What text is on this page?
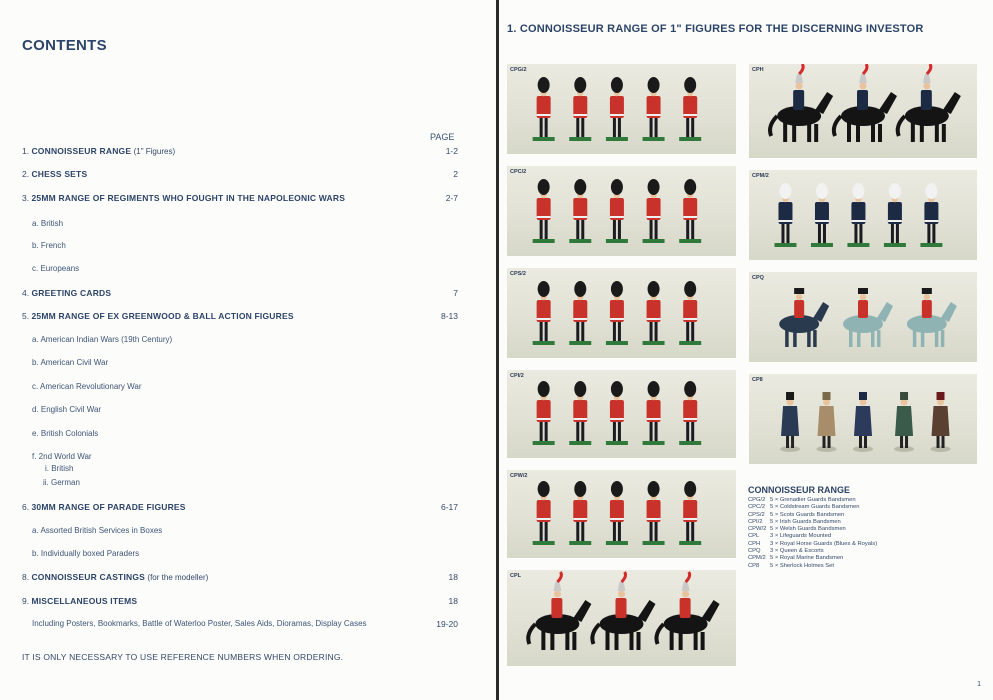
CONTENTS
PAGE
1. CONNOISSEUR RANGE (1" Figures)	1-2
2. CHESS SETS	2
3. 25MM RANGE OF REGIMENTS WHO FOUGHT IN THE NAPOLEONIC WARS	2-7
a. British
b. French
c. Europeans
4. GREETING CARDS	7
5. 25MM RANGE OF EX GREENWOOD & BALL ACTION FIGURES	8-13
a. American Indian Wars (19th Century)
b. American Civil War
c. American Revolutionary War
d. English Civil War
e. British Colonials
f. 2nd World War
i. British
ii. German
6. 30MM RANGE OF PARADE FIGURES	6-17
a. Assorted British Services in Boxes
b. Individually boxed Paraders
8. CONNOISSEUR CASTINGS (for the modeller)	18
9. MISCELLANEOUS ITEMS	18
Including Posters, Bookmarks, Battle of Waterloo Poster, Sales Aids, Dioramas, Display Cases	19-20
IT IS ONLY NECESSARY TO USE REFERENCE NUMBERS WHEN ORDERING.
1. CONNOISSEUR RANGE OF 1" FIGURES FOR THE DISCERNING INVESTOR
CPG/2
CPC/2
CPS/2
CPI/2
CPW/2
CPL
CPH
CPM/2
CPQ
CP8
CONNOISSEUR RANGE
CPG/2 5 × Grenadier Guards Bandsmen
CPC/2 5 × Coldstream Guards Bandsmen
CPS/2 5 × Scots Guards Bandsmen
CPI/2 5 × Irish Guards Bandsmen
CPW/2 5 × Welsh Guards Bandsmen
CPL 3 × Lifeguards Mounted
CPH 3 × Royal Horse Guards (Blues & Royals)
CPQ 3 × Queen & Escorts
CPM/2 5 × Royal Marine Bandsmen
CP8 5 × Sherlock Holmes Set
1
